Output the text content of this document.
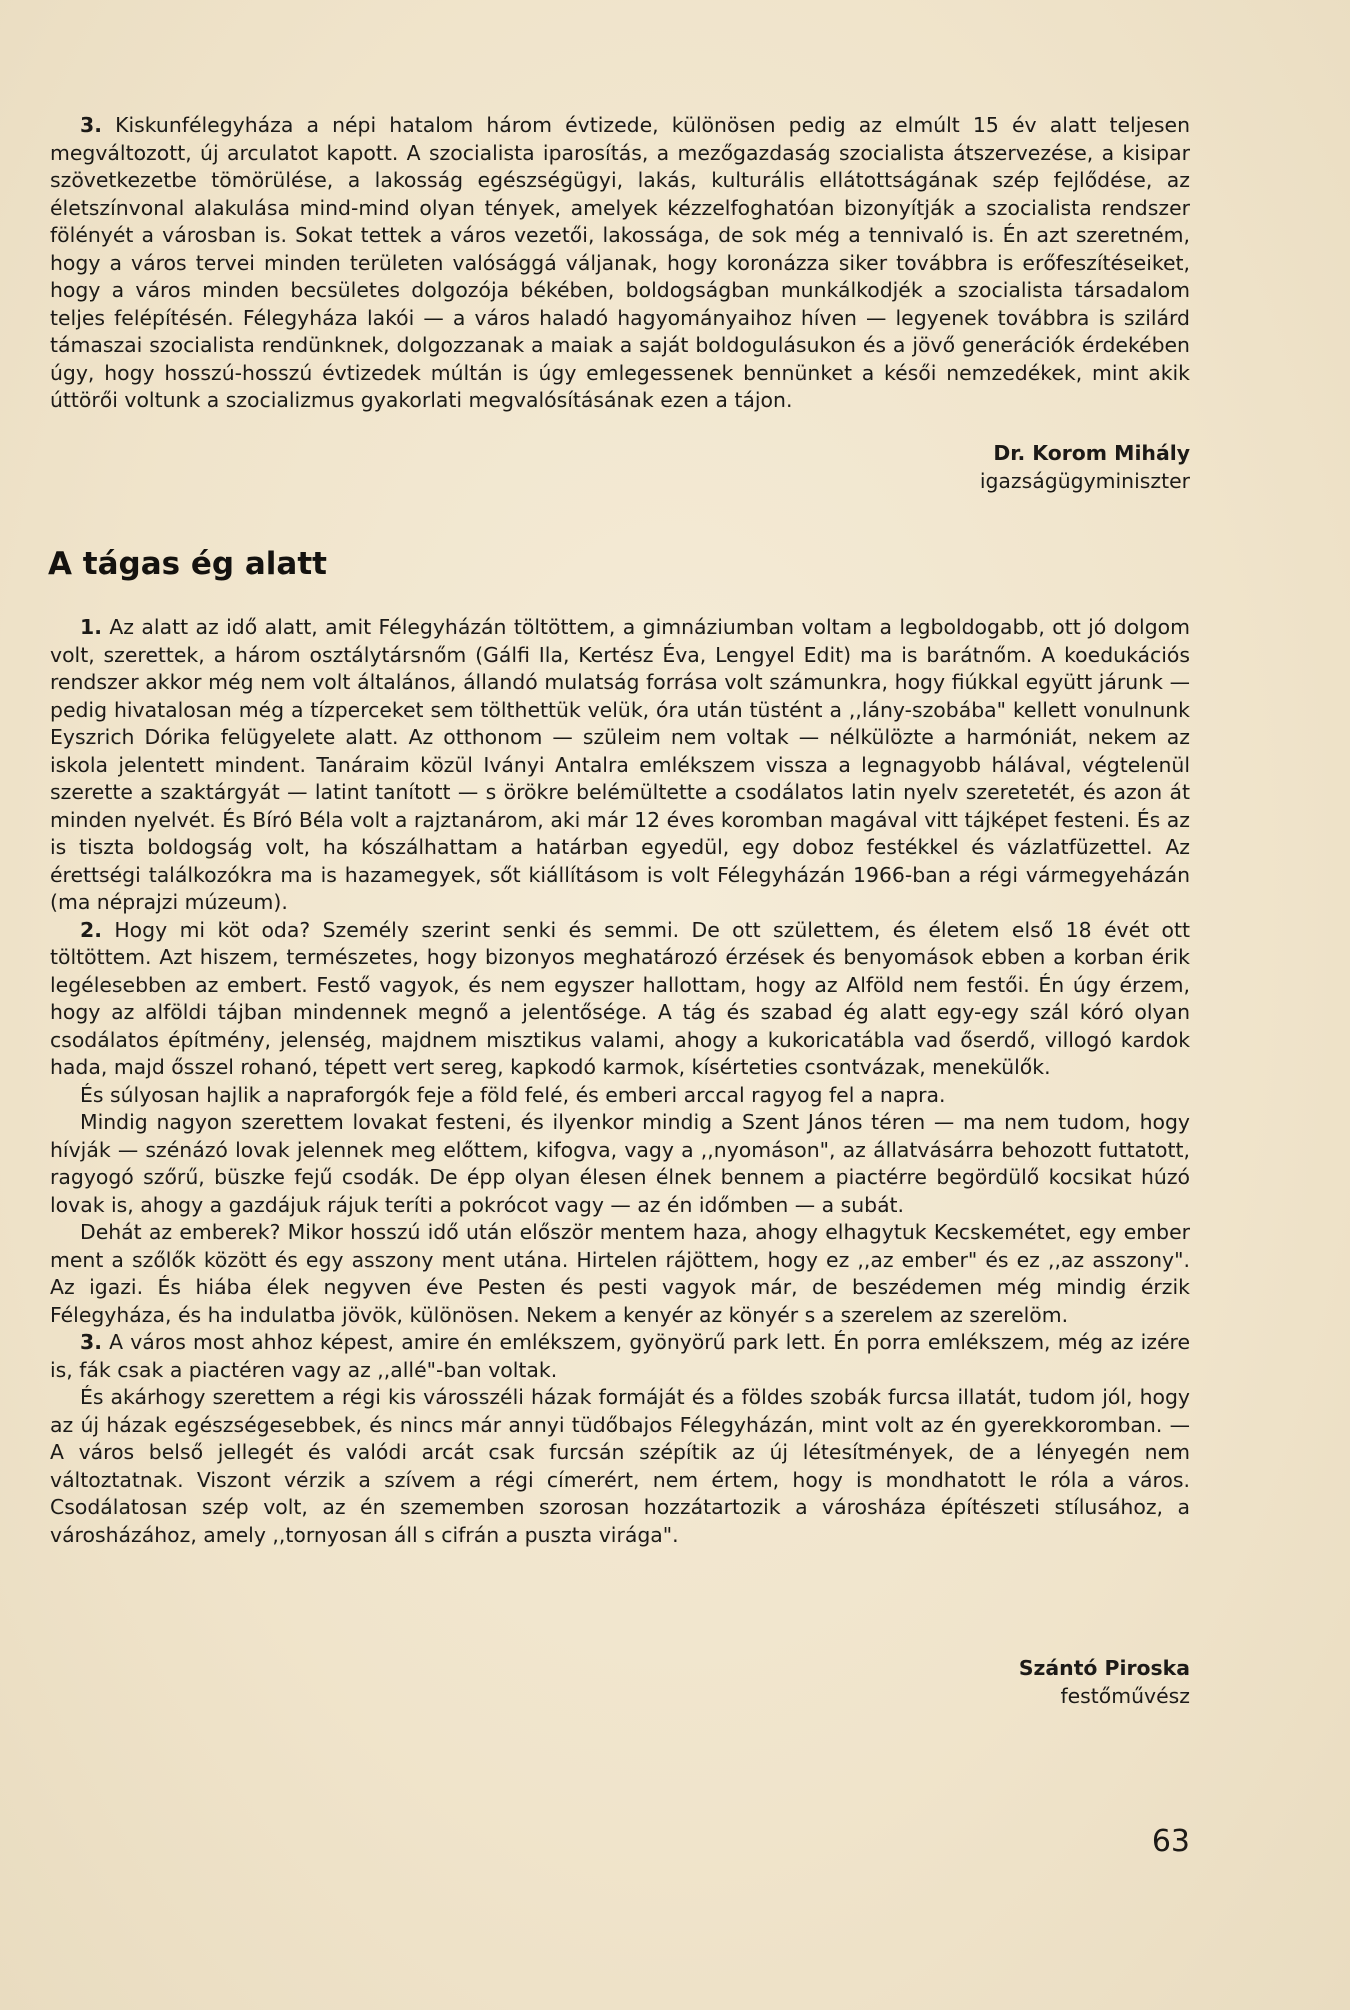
3. Kiskunfélegyháza a népi hatalom három évtizede, különösen pedig az elmúlt 15 év alatt teljesen megváltozott, új arculatot kapott. A szocialista iparosítás, a mezőgazdaság szocialista átszervezése, a kisipar szövetkezetbe tömörülése, a lakosság egészségügyi, lakás, kulturális ellátottságának szép fejlődése, az életszínvonal alakulása mind-mind olyan tények, amelyek kézzelfoghatóan bizonyítják a szocialista rendszer fölényét a városban is. Sokat tettek a város vezetői, lakossága, de sok még a tennivaló is. Én azt szeretném, hogy a város tervei minden területen valósággá váljanak, hogy koronázza siker továbbra is erőfeszítéseiket, hogy a város minden becsületes dolgozója békében, boldogságban munkálkodjék a szocialista társadalom teljes felépítésén. Félegyháza lakói — a város haladó hagyományaihoz híven — legyenek továbbra is szilárd támaszai szocialista rendünknek, dolgozzanak a maiak a saját boldogulásukon és a jövő generációk érdekében úgy, hogy hosszú-hosszú évtizedek múltán is úgy emlegessenek bennünket a késői nemzedékek, mint akik úttörői voltunk a szocializmus gyakorlati megvalósításának ezen a tájon.

Dr. Korom Mihály
igazságügyminiszter
A tágas ég alatt

1. Az alatt az idő alatt, amit Félegyházán töltöttem, a gimnáziumban voltam a legboldogabb, ott jó dolgom volt, szerettek, a három osztálytársnőm (Gálfi Ila, Kertész Éva, Lengyel Edit) ma is barátnőm. A koedukációs rendszer akkor még nem volt általános, állandó mulatság forrása volt számunkra, hogy fiúkkal együtt járunk — pedig hivatalosan még a tízperceket sem tölthettük velük, óra után tüstént a ,,lány-szobába" kellett vonulnunk Eyszrich Dórika felügyelete alatt. Az otthonom — szüleim nem voltak — nélkülözte a harmóniát, nekem az iskola jelentett mindent. Tanáraim közül Iványi Antalra emlékszem vissza a legnagyobb hálával, végtelenül szerette a szaktárgyát — latint tanított — s örökre belémültette a csodálatos latin nyelv szeretetét, és azon át minden nyelvét. És Bíró Béla volt a rajztanárom, aki már 12 éves koromban magával vitt tájképet festeni. És az is tiszta boldogság volt, ha kószálhattam a határban egyedül, egy doboz festékkel és vázlatfüzettel. Az érettségi találkozókra ma is hazamegyek, sőt kiállításom is volt Félegyházán 1966-ban a régi vármegyeházán (ma néprajzi múzeum).

2. Hogy mi köt oda? Személy szerint senki és semmi. De ott születtem, és életem első 18 évét ott töltöttem. Azt hiszem, természetes, hogy bizonyos meghatározó érzések és benyomások ebben a korban érik legélesebben az embert. Festő vagyok, és nem egyszer hallottam, hogy az Alföld nem festői. Én úgy érzem, hogy az alföldi tájban mindennek megnő a jelentősége. A tág és szabad ég alatt egy-egy szál kóró olyan csodálatos építmény, jelenség, majdnem misztikus valami, ahogy a kukoricatábla vad őserdő, villogó kardok hada, majd ősszel rohanó, tépett vert sereg, kapkodó karmok, kísérteties csontvázak, menekülők.

És súlyosan hajlik a napraforgók feje a föld felé, és emberi arccal ragyog fel a napra.

Mindig nagyon szerettem lovakat festeni, és ilyenkor mindig a Szent János téren — ma nem tudom, hogy hívják — szénázó lovak jelennek meg előttem, kifogva, vagy a ,,nyomáson", az állatvásárra behozott futtatott, ragyogó szőrű, büszke fejű csodák. De épp olyan élesen élnek bennem a piactérre begördülő kocsikat húzó lovak is, ahogy a gazdájuk rájuk teríti a pokrócot vagy — az én időmben — a subát.

Dehát az emberek? Mikor hosszú idő után először mentem haza, ahogy elhagytuk Kecskemétet, egy ember ment a szőlők között és egy asszony ment utána. Hirtelen rájöttem, hogy ez ,,az ember" és ez ,,az asszony". Az igazi. És hiába élek negyven éve Pesten és pesti vagyok már, de beszédemen még mindig érzik Félegyháza, és ha indulatba jövök, különösen. Nekem a kenyér az könyér s a szerelem az szerelöm.

3. A város most ahhoz képest, amire én emlékszem, gyönyörű park lett. Én porra emlékszem, még az izére is, fák csak a piactéren vagy az ,,allé"-ban voltak.

És akárhogy szerettem a régi kis városszéli házak formáját és a földes szobák furcsa illatát, tudom jól, hogy az új házak egészségesebbek, és nincs már annyi tüdőbajos Félegyházán, mint volt az én gyerekkoromban. — A város belső jellegét és valódi arcát csak furcsán szépítik az új létesítmények, de a lényegén nem változtatnak. Viszont vérzik a szívem a régi címerért, nem értem, hogy is mondhatott le róla a város. Csodálatosan szép volt, az én szememben szorosan hozzátartozik a városháza építészeti stílusához, a városházához, amely ,,tornyosan áll s cifrán a puszta virága".

Szántó Piroska
festőművész
63
